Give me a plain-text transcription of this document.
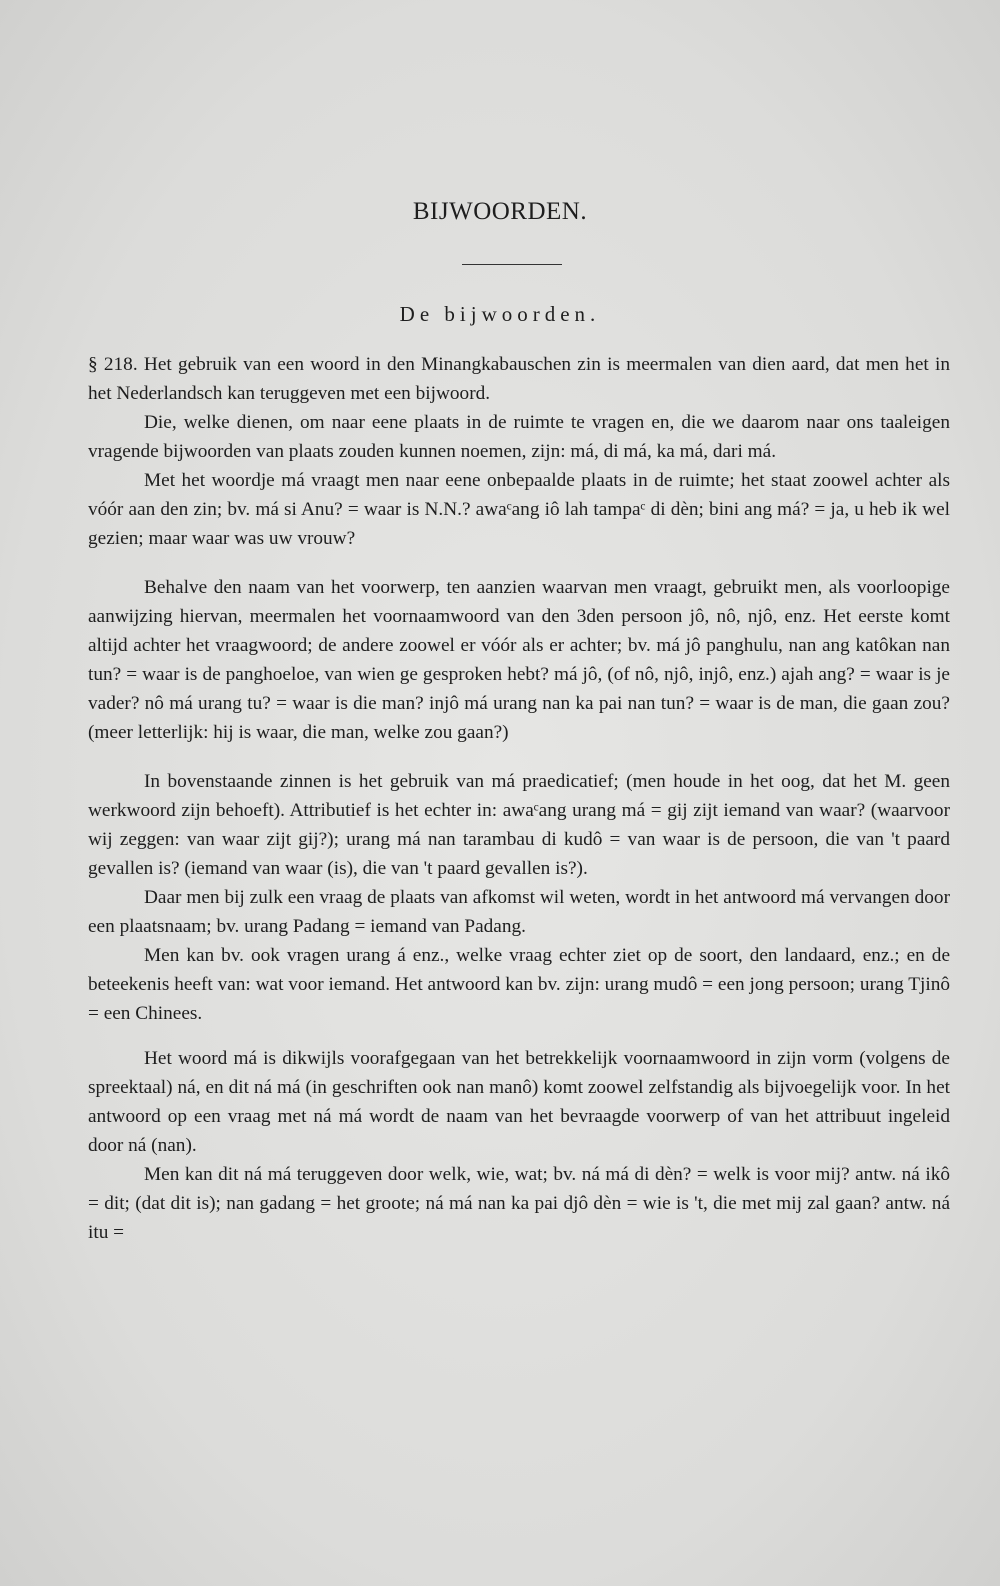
BIJWOORDEN.
De bijwoorden.

§ 218. Het gebruik van een woord in den Minangkabauschen zin is meermalen van dien aard, dat men het in het Nederlandsch kan teruggeven met een bijwoord.

Die, welke dienen, om naar eene plaats in de ruimte te vragen en, die we daarom naar ons taaleigen vragende bijwoorden van plaats zouden kunnen noemen, zijn: má, di má, ka má, dari má.

Met het woordje má vraagt men naar eene onbepaalde plaats in de ruimte; het staat zoowel achter als vóór aan den zin; bv. má si Anu? = waar is N.N.? awaᶜang iô lah tampaᶜ di dèn; bini ang má? = ja, u heb ik wel gezien; maar waar was uw vrouw?

Behalve den naam van het voorwerp, ten aanzien waarvan men vraagt, gebruikt men, als voorloopige aanwijzing hiervan, meermalen het voornaamwoord van den 3den persoon jô, nô, njô, enz. Het eerste komt altijd achter het vraagwoord; de andere zoowel er vóór als er achter; bv. má jô panghulu, nan ang katôkan nan tun? = waar is de panghoeloe, van wien ge gesproken hebt? má jô, (of nô, njô, injô, enz.) ajah ang? = waar is je vader? nô má urang tu? = waar is die man? injô má urang nan ka pai nan tun? = waar is de man, die gaan zou? (meer letterlijk: hij is waar, die man, welke zou gaan?)

In bovenstaande zinnen is het gebruik van má praedicatief; (men houde in het oog, dat het M. geen werkwoord zijn behoeft). Attributief is het echter in: awaᶜang urang má = gij zijt iemand van waar? (waarvoor wij zeggen: van waar zijt gij?); urang má nan tarambau di kudô = van waar is de persoon, die van 't paard gevallen is? (iemand van waar (is), die van 't paard gevallen is?).

Daar men bij zulk een vraag de plaats van afkomst wil weten, wordt in het antwoord má vervangen door een plaatsnaam; bv. urang Padang = iemand van Padang.

Men kan bv. ook vragen urang á enz., welke vraag echter ziet op de soort, den landaard, enz.; en de beteekenis heeft van: wat voor iemand. Het antwoord kan bv. zijn: urang mudô = een jong persoon; urang Tjinô = een Chinees.

Het woord má is dikwijls voorafgegaan van het betrekkelijk voornaamwoord in zijn vorm (volgens de spreektaal) ná, en dit ná má (in geschriften ook nan manô) komt zoowel zelfstandig als bijvoegelijk voor. In het antwoord op een vraag met ná má wordt de naam van het bevraagde voorwerp of van het attribuut ingeleid door ná (nan).

Men kan dit ná má teruggeven door welk, wie, wat; bv. ná má di dèn? = welk is voor mij? antw. ná ikô = dit; (dat dit is); nan gadang = het groote; ná má nan ka pai djô dèn = wie is 't, die met mij zal gaan? antw. ná itu =
